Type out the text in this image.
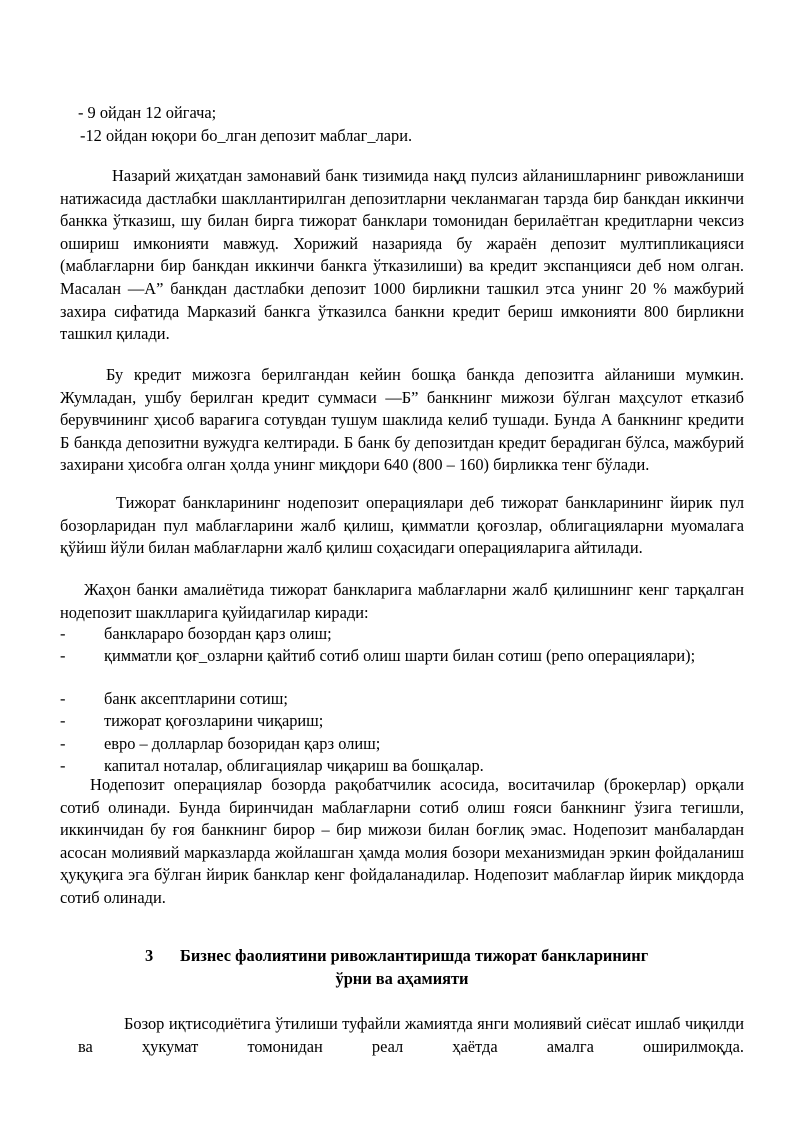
- 9 ойдан 12 ойгача;
-12 ойдан юқори бо_лган депозит маблаг_лари.

Назарий жиҳатдан замонавий банк тизимида нақд пулсиз айланишларнинг ривожланиши натижасида дастлабки шакллантирилган депозитларни чекланмаган тарзда бир банкдан иккинчи банкка ўтказиш, шу билан бирга тижорат банклари томонидан берилаётган кредитларни чексиз ошириш имконияти мавжуд. Хорижий назарияда бу жараён депозит мултипликацияси (маблағларни бир банкдан иккинчи банкга ўтказилиши) ва кредит экспанцияси деб ном олган. Масалан ―А” банкдан дастлабки депозит 1000 бирликни ташкил этса унинг 20 % мажбурий захира сифатида Марказий банкга ўтказилса банкни кредит бериш имконияти 800 бирликни ташкил қилади.

Бу кредит мижозга берилгандан кейин бошқа банкда депозитга айланиши мумкин. Жумладан, ушбу берилган кредит суммаси ―Б” банкнинг мижози бўлган маҳсулот етказиб берувчининг ҳисоб варағига сотувдан тушум шаклида келиб тушади. Бунда А банкнинг кредити Б банкда депозитни вужудга келтиради. Б банк бу депозитдан кредит берадиган бўлса, мажбурий захирани ҳисобга олган ҳолда унинг миқдори 640 (800 – 160) бирликка тенг бўлади.

Тижорат банкларининг нодепозит операциялари деб тижорат банкларининг йирик пул бозорларидан пул маблағларини жалб қилиш, қимматли қоғозлар, облигацияларни муомалага қўйиш йўли билан маблағларни жалб қилиш соҳасидаги операцияларига айтилади.

Жаҳон банки амалиётида тижорат банкларига маблағларни жалб қилишнинг кенг тарқалган нодепозит шаклларига қуйидагилар киради:

- банклараро бозордан қарз олиш;
-	қимматли қоғ_озларни қайтиб сотиб олиш шарти билан сотиш (репо операциялари);
- банк аксептларини сотиш;
- тижорат қоғозларини чиқариш;
- евро – долларлар бозоридан қарз олиш;
- капитал ноталар, облигациялар чиқариш ва бошқалар.

Нодепозит операциялар бозорда рақобатчилик асосида, воситачилар (брокерлар) орқали сотиб олинади. Бунда биринчидан маблағларни сотиб олиш ғояси банкнинг ўзига тегишли, иккинчидан бу ғоя банкнинг бирор – бир мижози билан боғлиқ эмас. Нодепозит манбалардан асосан молиявий марказларда жойлашган ҳамда молия бозори механизмидан эркин фойдаланиш ҳуқуқига эга бўлган йирик банклар кенг фойдаланадилар. Нодепозит маблағлар йирик миқдорда сотиб олинади.

3 Бизнес фаолиятини ривожлантиришда тижорат банкларининг
ўрни ва аҳамияти

Бозор иқтисодиётига ўтилиши туфайли жамиятда янги молиявий сиёсат ишлаб чиқилди ва ҳукумат томонидан реал ҳаётда амалга оширилмоқда.
